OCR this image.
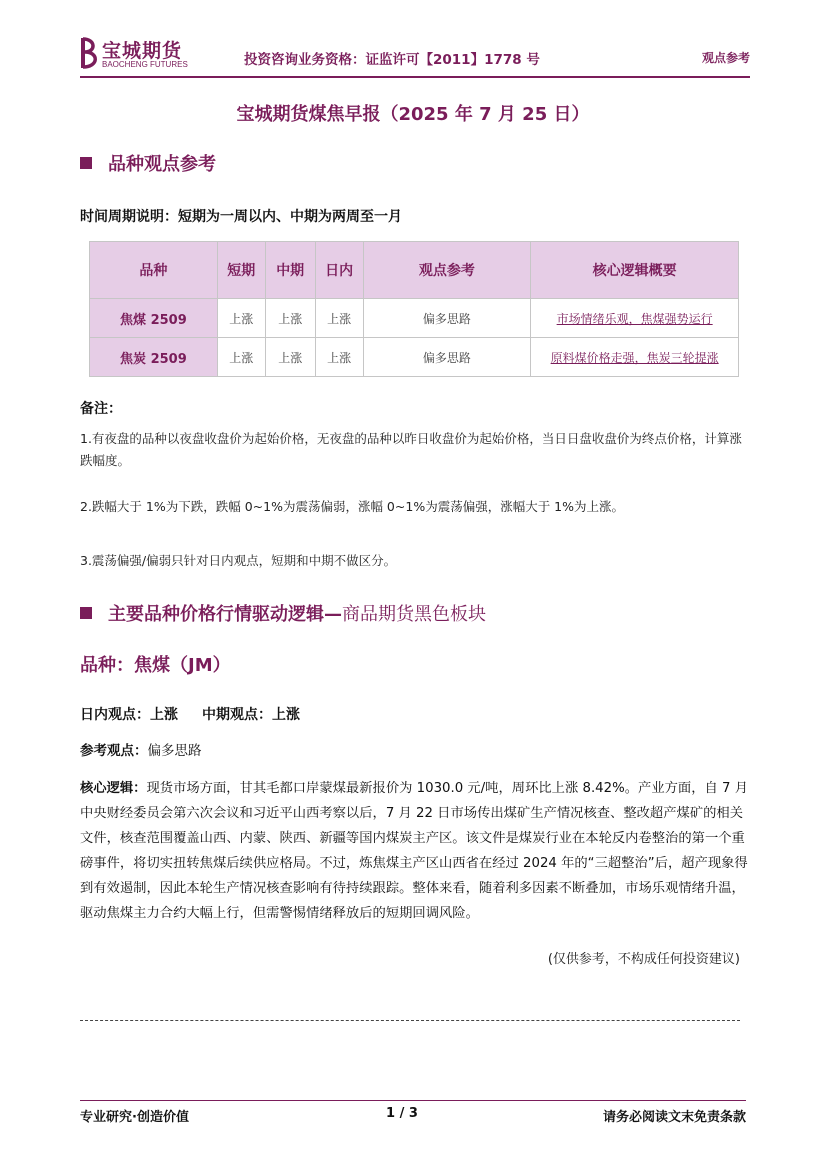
宝城期货
BAOCHENG FUTURES	投资咨询业务资格：证监许可【2011】1778 号	观点参考
宝城期货煤焦早报（2025 年 7 月 25 日）
品种观点参考
时间周期说明：短期为一周以内、中期为两周至一月
品种	短期	中期	日内	观点参考	核心逻辑概要
焦煤 2509	上涨	上涨	上涨	偏多思路	市场情绪乐观，焦煤强势运行
焦炭 2509	上涨	上涨	上涨	偏多思路	原料煤价格走强，焦炭三轮提涨
备注：
1.有夜盘的品种以夜盘收盘价为起始价格，无夜盘的品种以昨日收盘价为起始价格，当日日盘收盘价为终点价格，计算涨跌幅度。
2.跌幅大于 1%为下跌，跌幅 0~1%为震荡偏弱，涨幅 0~1%为震荡偏强，涨幅大于 1%为上涨。
3.震荡偏强/偏弱只针对日内观点，短期和中期不做区分。
主要品种价格行情驱动逻辑—商品期货黑色板块
品种：焦煤（JM）
日内观点：上涨 中期观点：上涨
参考观点：偏多思路
核心逻辑：现货市场方面，甘其毛都口岸蒙煤最新报价为 1030.0 元/吨，周环比上涨 8.42%。产业方面，自 7 月中央财经委员会第六次会议和习近平山西考察以后，7 月 22 日市场传出煤矿生产情况核查、整改超产煤矿的相关文件，核查范围覆盖山西、内蒙、陕西、新疆等国内煤炭主产区。该文件是煤炭行业在本轮反内卷整治的第一个重磅事件，将切实扭转焦煤后续供应格局。不过，炼焦煤主产区山西省在经过 2024 年的“三超整治”后，超产现象得到有效遏制，因此本轮生产情况核查影响有待持续跟踪。整体来看，随着利多因素不断叠加，市场乐观情绪升温，驱动焦煤主力合约大幅上行，但需警惕情绪释放后的短期回调风险。
(仅供参考，不构成任何投资建议)
专业研究·创造价值	1 / 3	请务必阅读文末免责条款
